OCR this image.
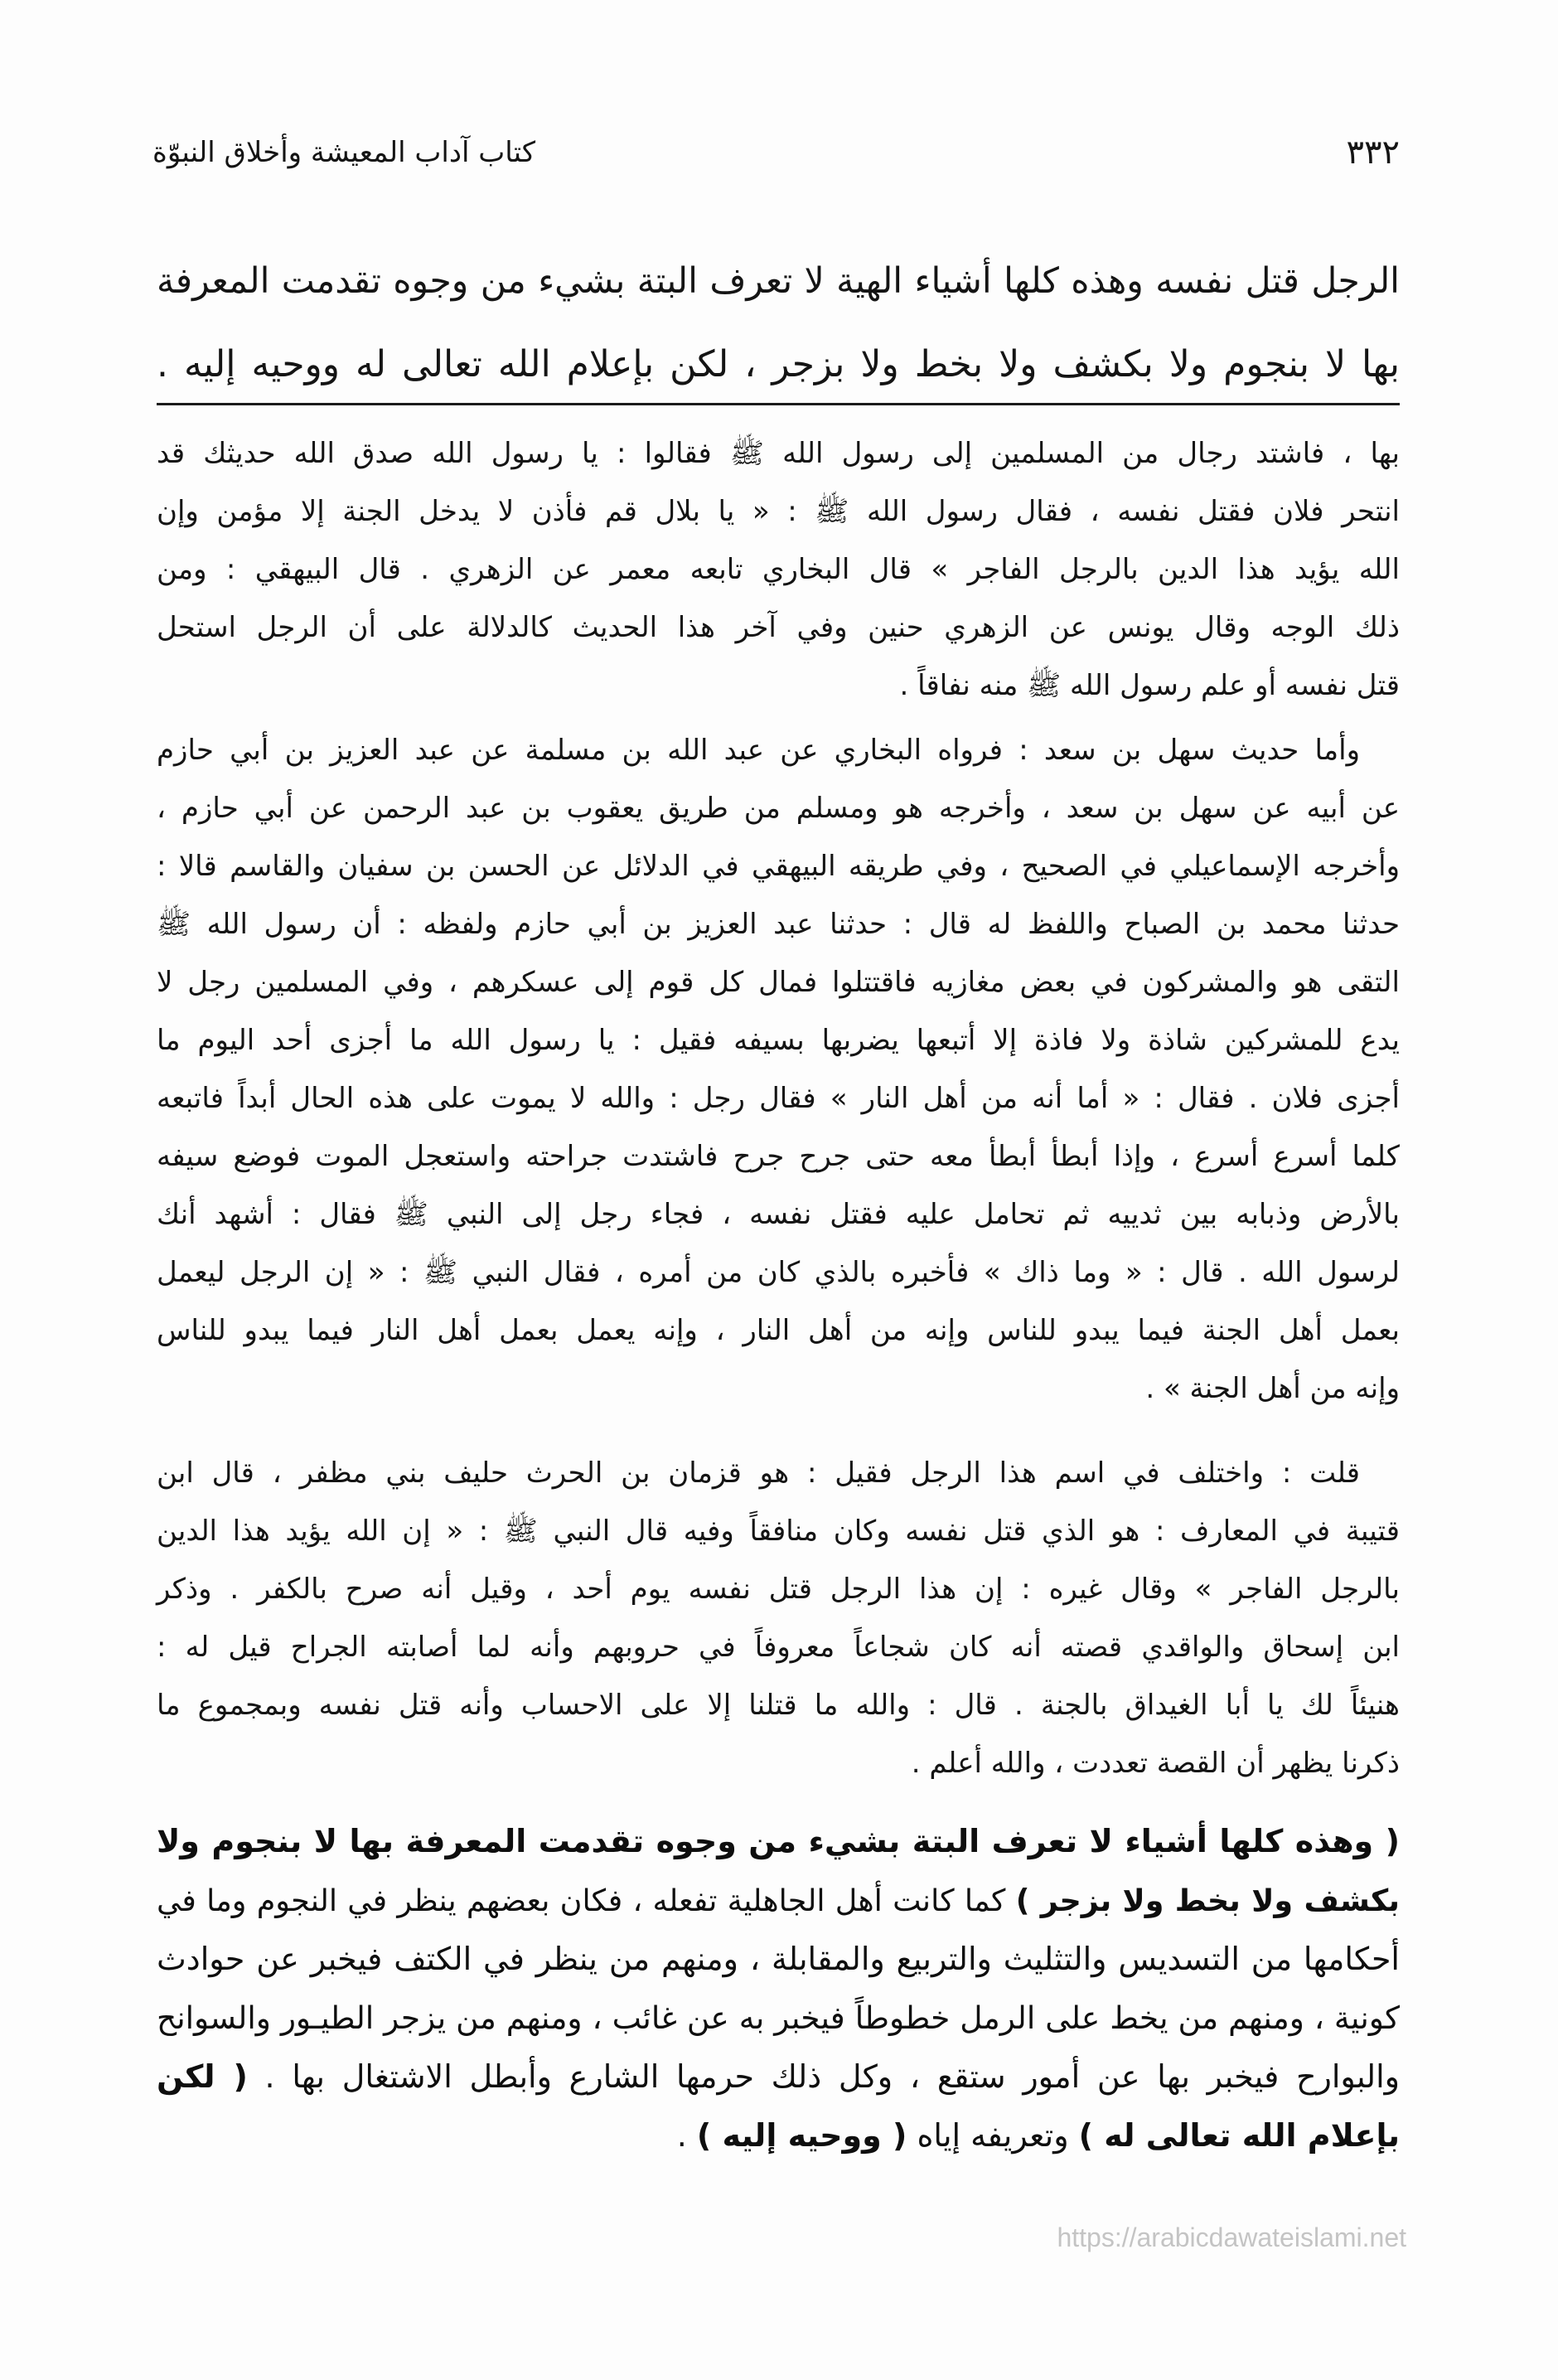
٣٣٢
كتاب آداب المعيشة وأخلاق النبوّة
الرجل قتل نفسه وهذه كلها أشياء الهية لا تعرف البتة بشيء من وجوه تقدمت المعرفة
بها لا بنجوم ولا بكشف ولا بخط ولا بزجر ، لكن بإعلام الله تعالى له ووحيه إليه .
بها ، فاشتد رجال من المسلمين إلى رسول الله ﷺ فقالوا : يا رسول الله صدق الله حديثك قد
انتحر فلان فقتل نفسه ، فقال رسول الله ﷺ : « يا بلال قم فأذن لا يدخل الجنة إلا مؤمن وإن
الله يؤيد هذا الدين بالرجل الفاجر » قال البخاري تابعه معمر عن الزهري . قال البيهقي : ومن
ذلك الوجه وقال يونس عن الزهري حنين وفي آخر هذا الحديث كالدلالة على أن الرجل استحل
قتل نفسه أو علم رسول الله ﷺ منه نفاقاً .
وأما حديث سهل بن سعد : فرواه البخاري عن عبد الله بن مسلمة عن عبد العزيز بن أبي حازم
عن أبيه عن سهل بن سعد ، وأخرجه هو ومسلم من طريق يعقوب بن عبد الرحمن عن أبي حازم ،
وأخرجه الإسماعيلي في الصحيح ، وفي طريقه البيهقي في الدلائل عن الحسن بن سفيان والقاسم قالا :
حدثنا محمد بن الصباح واللفظ له قال : حدثنا عبد العزيز بن أبي حازم ولفظه : أن رسول الله ﷺ
التقى هو والمشركون في بعض مغازيه فاقتتلوا فمال كل قوم إلى عسكرهم ، وفي المسلمين رجل لا
يدع للمشركين شاذة ولا فاذة إلا أتبعها يضربها بسيفه فقيل : يا رسول الله ما أجزى أحد اليوم ما
أجزى فلان . فقال : « أما أنه من أهل النار » فقال رجل : والله لا يموت على هذه الحال أبداً فاتبعه
كلما أسرع أسرع ، وإذا أبطأ أبطأ معه حتى جرح جرح فاشتدت جراحته واستعجل الموت فوضع سيفه
بالأرض وذبابه بين ثدييه ثم تحامل عليه فقتل نفسه ، فجاء رجل إلى النبي ﷺ فقال : أشهد أنك
لرسول الله . قال : « وما ذاك » فأخبره بالذي كان من أمره ، فقال النبي ﷺ : « إن الرجل ليعمل
بعمل أهل الجنة فيما يبدو للناس وإنه من أهل النار ، وإنه يعمل بعمل أهل النار فيما يبدو للناس
وإنه من أهل الجنة » .
قلت : واختلف في اسم هذا الرجل فقيل : هو قزمان بن الحرث حليف بني مظفر ، قال ابن
قتيبة في المعارف : هو الذي قتل نفسه وكان منافقاً وفيه قال النبي ﷺ : « إن الله يؤيد هذا الدين
بالرجل الفاجر » وقال غيره : إن هذا الرجل قتل نفسه يوم أحد ، وقيل أنه صرح بالكفر . وذكر
ابن إسحاق والواقدي قصته أنه كان شجاعاً معروفاً في حروبهم وأنه لما أصابته الجراح قيل له :
هنيئاً لك يا أبا الغيداق بالجنة . قال : والله ما قتلنا إلا على الاحساب وأنه قتل نفسه وبمجموع ما
ذكرنا يظهر أن القصة تعددت ، والله أعلم .
( وهذه كلها أشياء لا تعرف البتة بشيء من وجوه تقدمت المعرفة بها لا بنجوم ولا
بكشف ولا بخط ولا بزجر ) كما كانت أهل الجاهلية تفعله ، فكان بعضهم ينظر في النجوم وما في
أحكامها من التسديس والتثليث والتربيع والمقابلة ، ومنهم من ينظر في الكتف فيخبر عن حوادث
كونية ، ومنهم من يخط على الرمل خطوطاً فيخبر به عن غائب ، ومنهم من يزجر الطيـور والسوانح
والبوارح فيخبر بها عن أمور ستقع ، وكل ذلك حرمها الشارع وأبطل الاشتغال بها . ( لكن
بإعلام الله تعالى له ) وتعريفه إياه ( ووحيه إليه ) .
https://arabicdawateislami.net
